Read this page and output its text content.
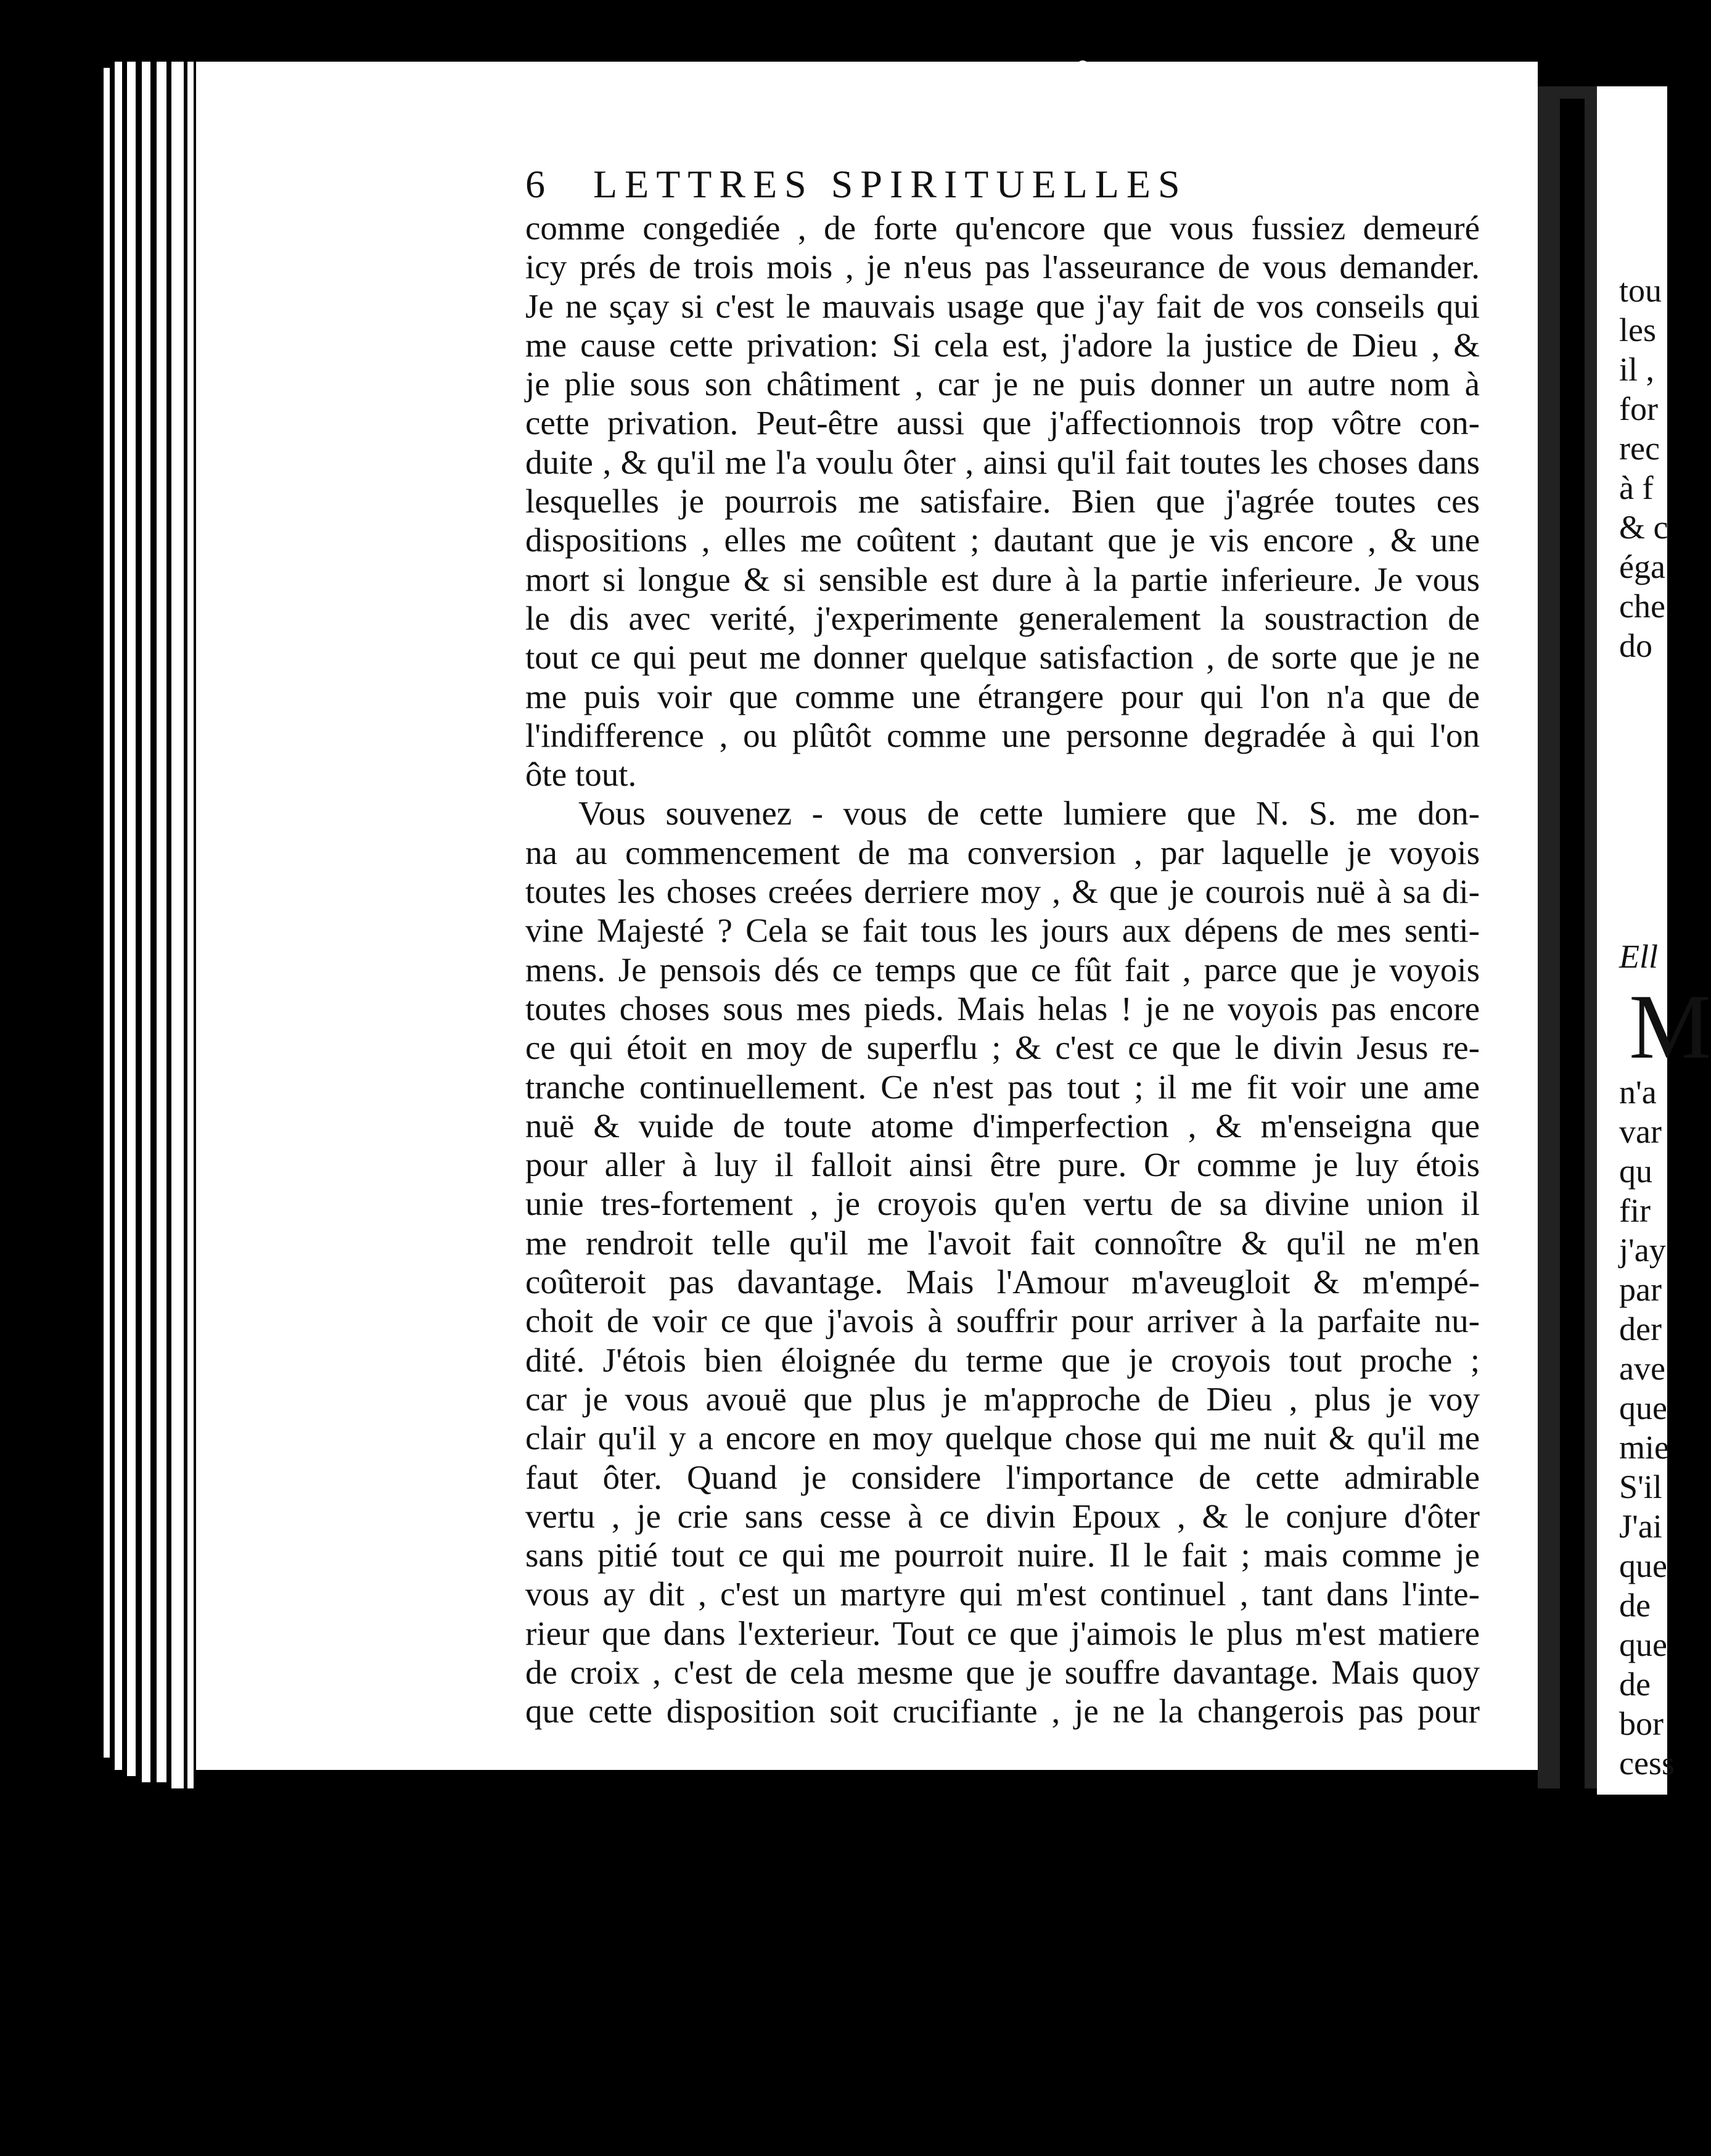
6 LETTRES SPIRITUELLES
comme congediée , de forte qu'encore que vous fussiez demeuré
icy prés de trois mois , je n'eus pas l'asseurance de vous demander.
Je ne sçay si c'est le mauvais usage que j'ay fait de vos conseils qui
me cause cette privation: Si cela est, j'adore la justice de Dieu , &
je plie sous son châtiment , car je ne puis donner un autre nom à
cette privation. Peut-être aussi que j'affectionnois trop vôtre con-
duite , & qu'il me l'a voulu ôter , ainsi qu'il fait toutes les choses dans
lesquelles je pourrois me satisfaire. Bien que j'agrée toutes ces
dispositions , elles me coûtent ; dautant que je vis encore , & une
mort si longue & si sensible est dure à la partie inferieure. Je vous
le dis avec verité, j'experimente generalement la soustraction de
tout ce qui peut me donner quelque satisfaction , de sorte que je ne
me puis voir que comme une étrangere pour qui l'on n'a que de
l'indifference , ou plûtôt comme une personne degradée à qui l'on
ôte tout.
Vous souvenez - vous de cette lumiere que N. S. me don-
na au commencement de ma conversion , par laquelle je voyois
toutes les choses creées derriere moy , & que je courois nuë à sa di-
vine Majesté ? Cela se fait tous les jours aux dépens de mes senti-
mens. Je pensois dés ce temps que ce fût fait , parce que je voyois
toutes choses sous mes pieds. Mais helas ! je ne voyois pas encore
ce qui étoit en moy de superflu ; & c'est ce que le divin Jesus re-
tranche continuellement. Ce n'est pas tout ; il me fit voir une ame
nuë & vuide de toute atome d'imperfection , & m'enseigna que
pour aller à luy il falloit ainsi être pure. Or comme je luy étois
unie tres-fortement , je croyois qu'en vertu de sa divine union il
me rendroit telle qu'il me l'avoit fait connoître & qu'il ne m'en
coûteroit pas davantage. Mais l'Amour m'aveugloit & m'empé-
choit de voir ce que j'avois à souffrir pour arriver à la parfaite nu-
dité. J'étois bien éloignée du terme que je croyois tout proche ;
car je vous avouë que plus je m'approche de Dieu , plus je voy
clair qu'il y a encore en moy quelque chose qui me nuit & qu'il me
faut ôter. Quand je considere l'importance de cette admirable
vertu , je crie sans cesse à ce divin Epoux , & le conjure d'ôter
sans pitié tout ce qui me pourroit nuire. Il le fait ; mais comme je
vous ay dit , c'est un martyre qui m'est continuel , tant dans l'inte-
rieur que dans l'exterieur. Tout ce que j'aimois le plus m'est matiere
de croix , c'est de cela mesme que je souffre davantage. Mais quoy
que cette disposition soit crucifiante , je ne la changerois pas pour
tou
les
il ,
for
rec
à f
& c
éga
che
do
Ell
M
n'a
var
qu
fir
j'ay
par
der
ave
que
mie
S'il
J'ai
que
de
que
de
bor
cess
